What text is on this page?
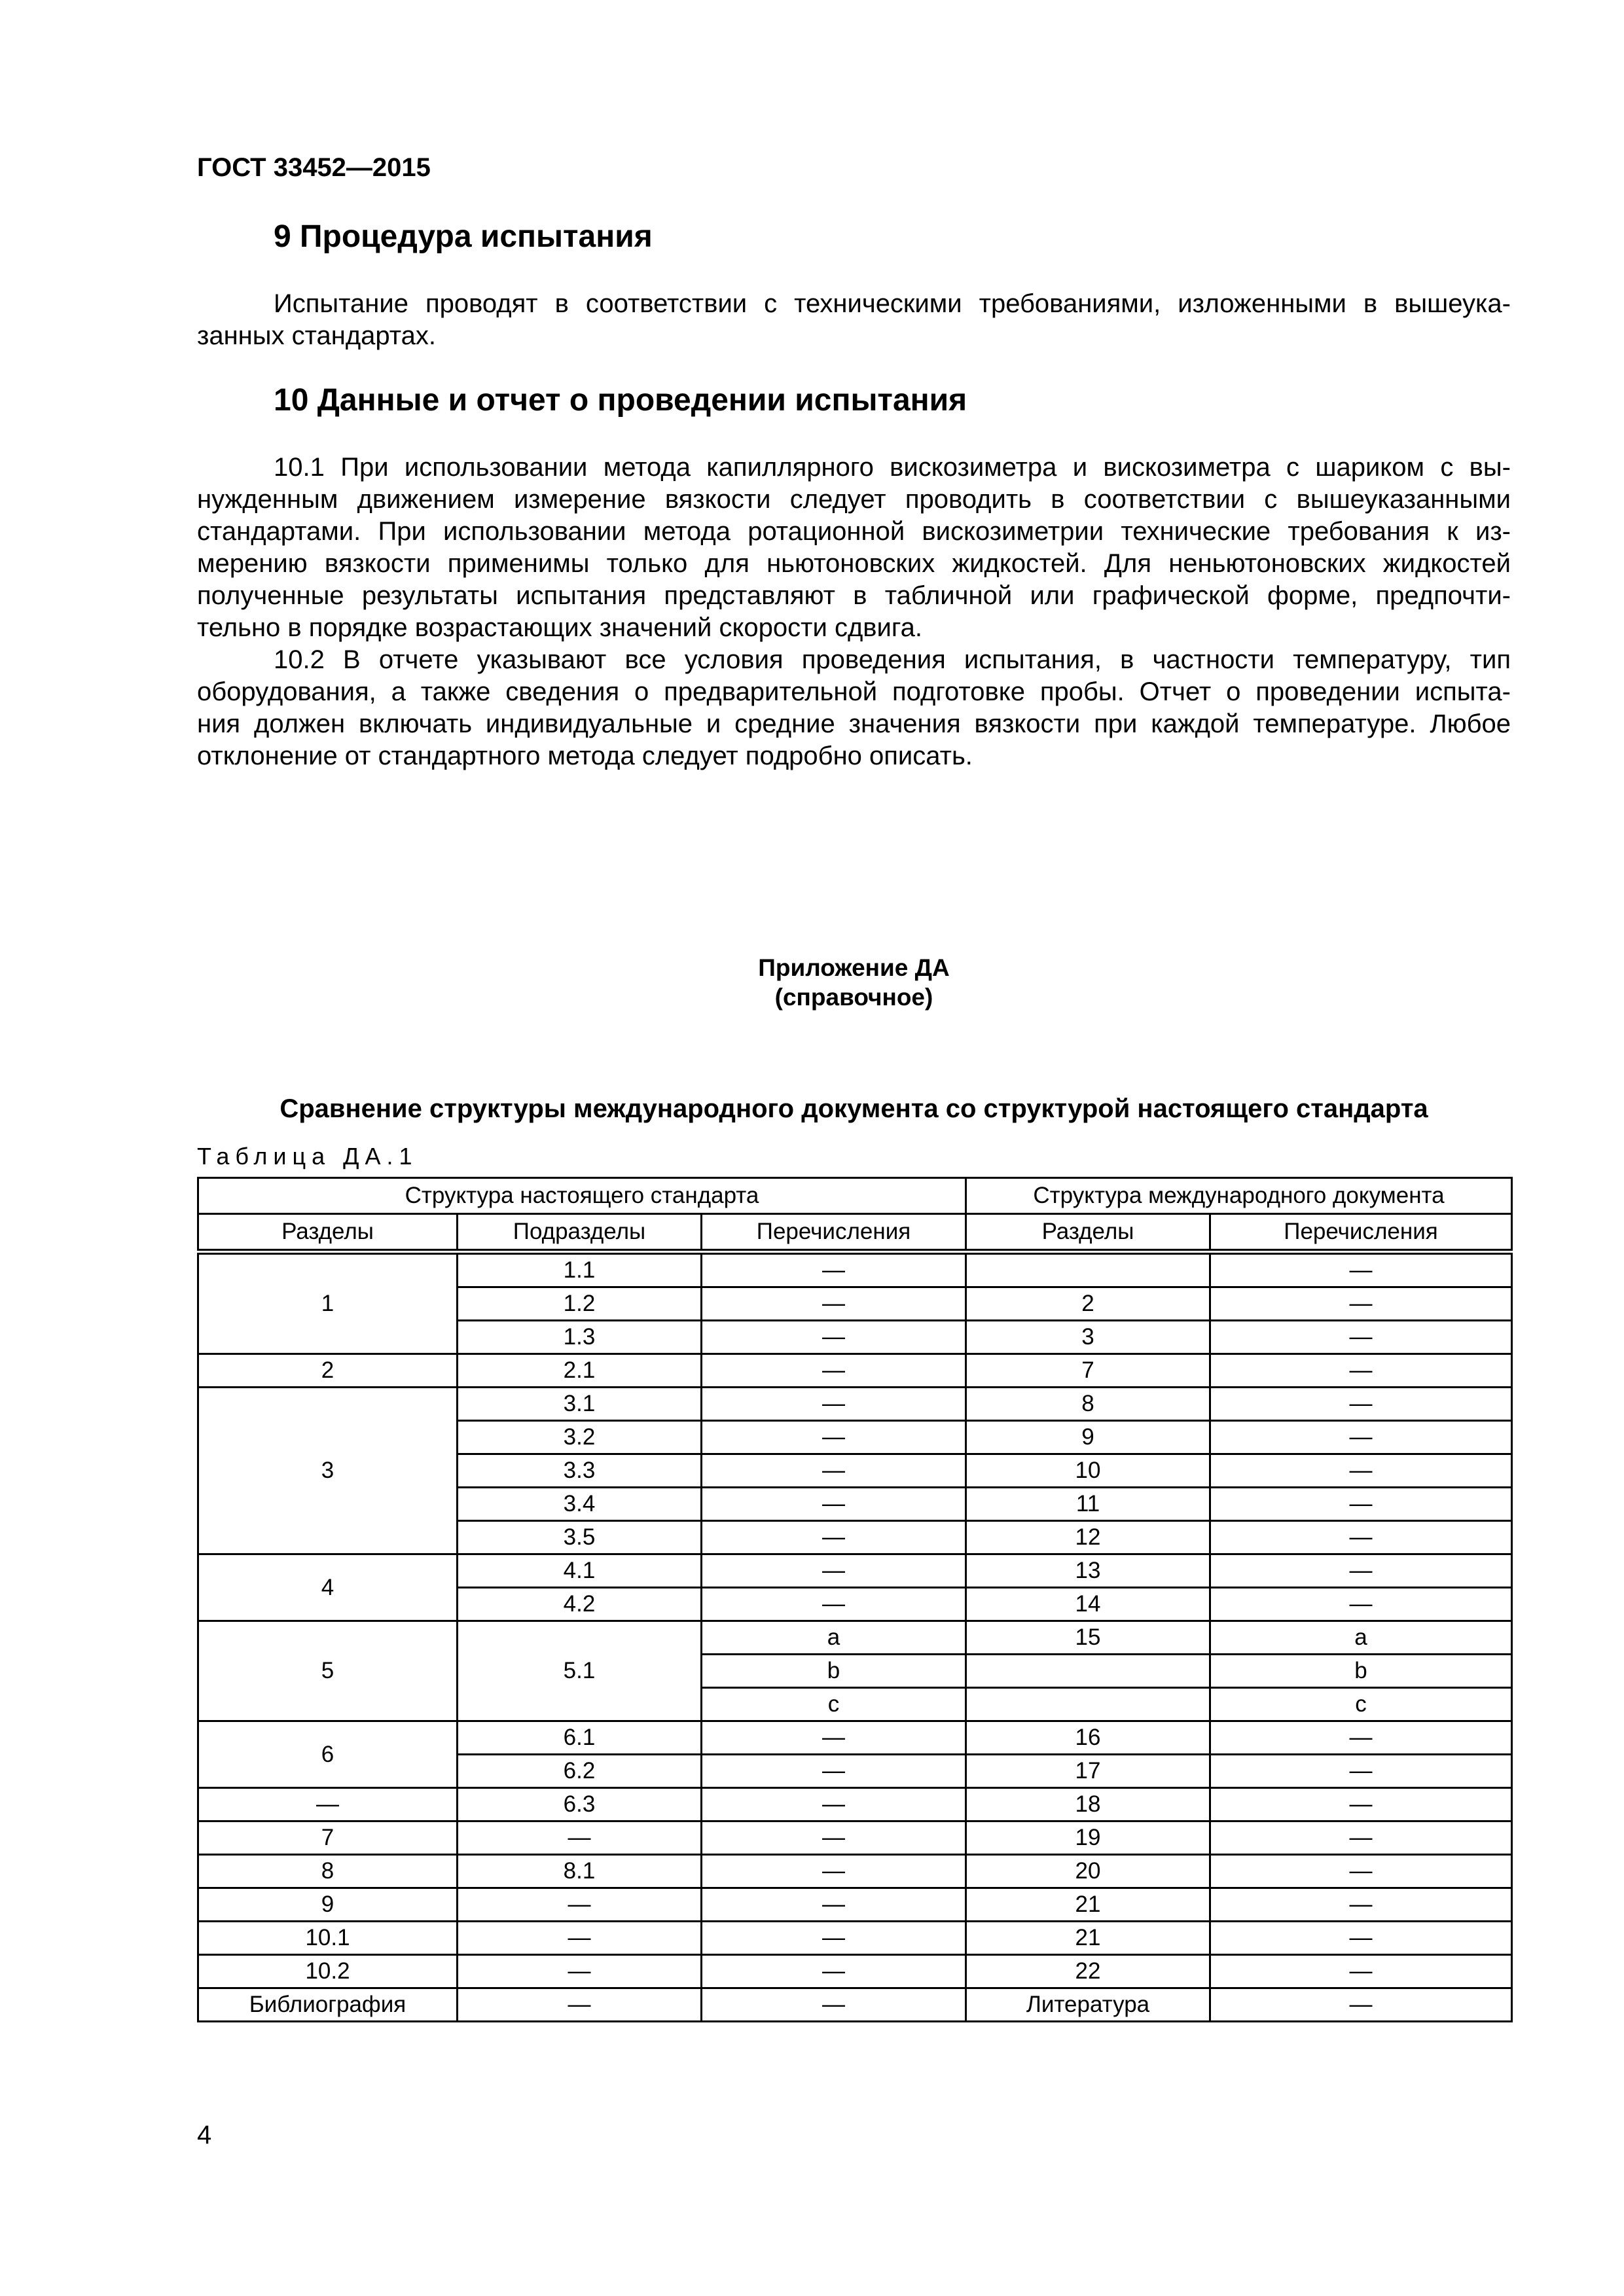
ГОСТ 33452—2015
9 Процедура испытания
Испытание проводят в соответствии с техническими требованиями, изложенными в вышеука-
занных стандартах.
10 Данные и отчет о проведении испытания
10.1 При использовании метода капиллярного вискозиметра и вискозиметра с шариком с вы-
нужденным движением измерение вязкости следует проводить в соответствии с вышеуказанными
стандартами. При использовании метода ротационной вискозиметрии технические требования к из-
мерению вязкости применимы только для ньютоновских жидкостей. Для неньютоновских жидкостей
полученные результаты испытания представляют в табличной или графической форме, предпочти-
тельно в порядке возрастающих значений скорости сдвига.
10.2 В отчете указывают все условия проведения испытания, в частности температуру, тип
оборудования, а также сведения о предварительной подготовке пробы. Отчет о проведении испыта-
ния должен включать индивидуальные и средние значения вязкости при каждой температуре. Любое
отклонение от стандартного метода следует подробно описать.
Приложение ДА
(справочное)
Сравнение структуры международного документа со структурой настоящего стандарта
Таблица ДА.1
Структура настоящего стандарта			Структура международного документа	
Разделы	Подразделы	Перечисления	Разделы	Перечисления
1	1.1	—		—
	1.2	—	2	—
	1.3	—	3	—
2	2.1	—	7	—
3	3.1	—	8	—
	3.2	—	9	—
	3.3	—	10	—
	3.4	—	11	—
	3.5	—	12	—
4	4.1	—	13	—
	4.2	—	14	—
5	5.1	a	15	a
		b		b
		c		c
6	6.1	—	16	—
	6.2	—	17	—
—	6.3	—	18	—
7	—	—	19	—
8	8.1	—	20	—
9	—	—	21	—
10.1	—	—	21	—
10.2	—	—	22	—
Библиография	—	—	Литература	—
4
